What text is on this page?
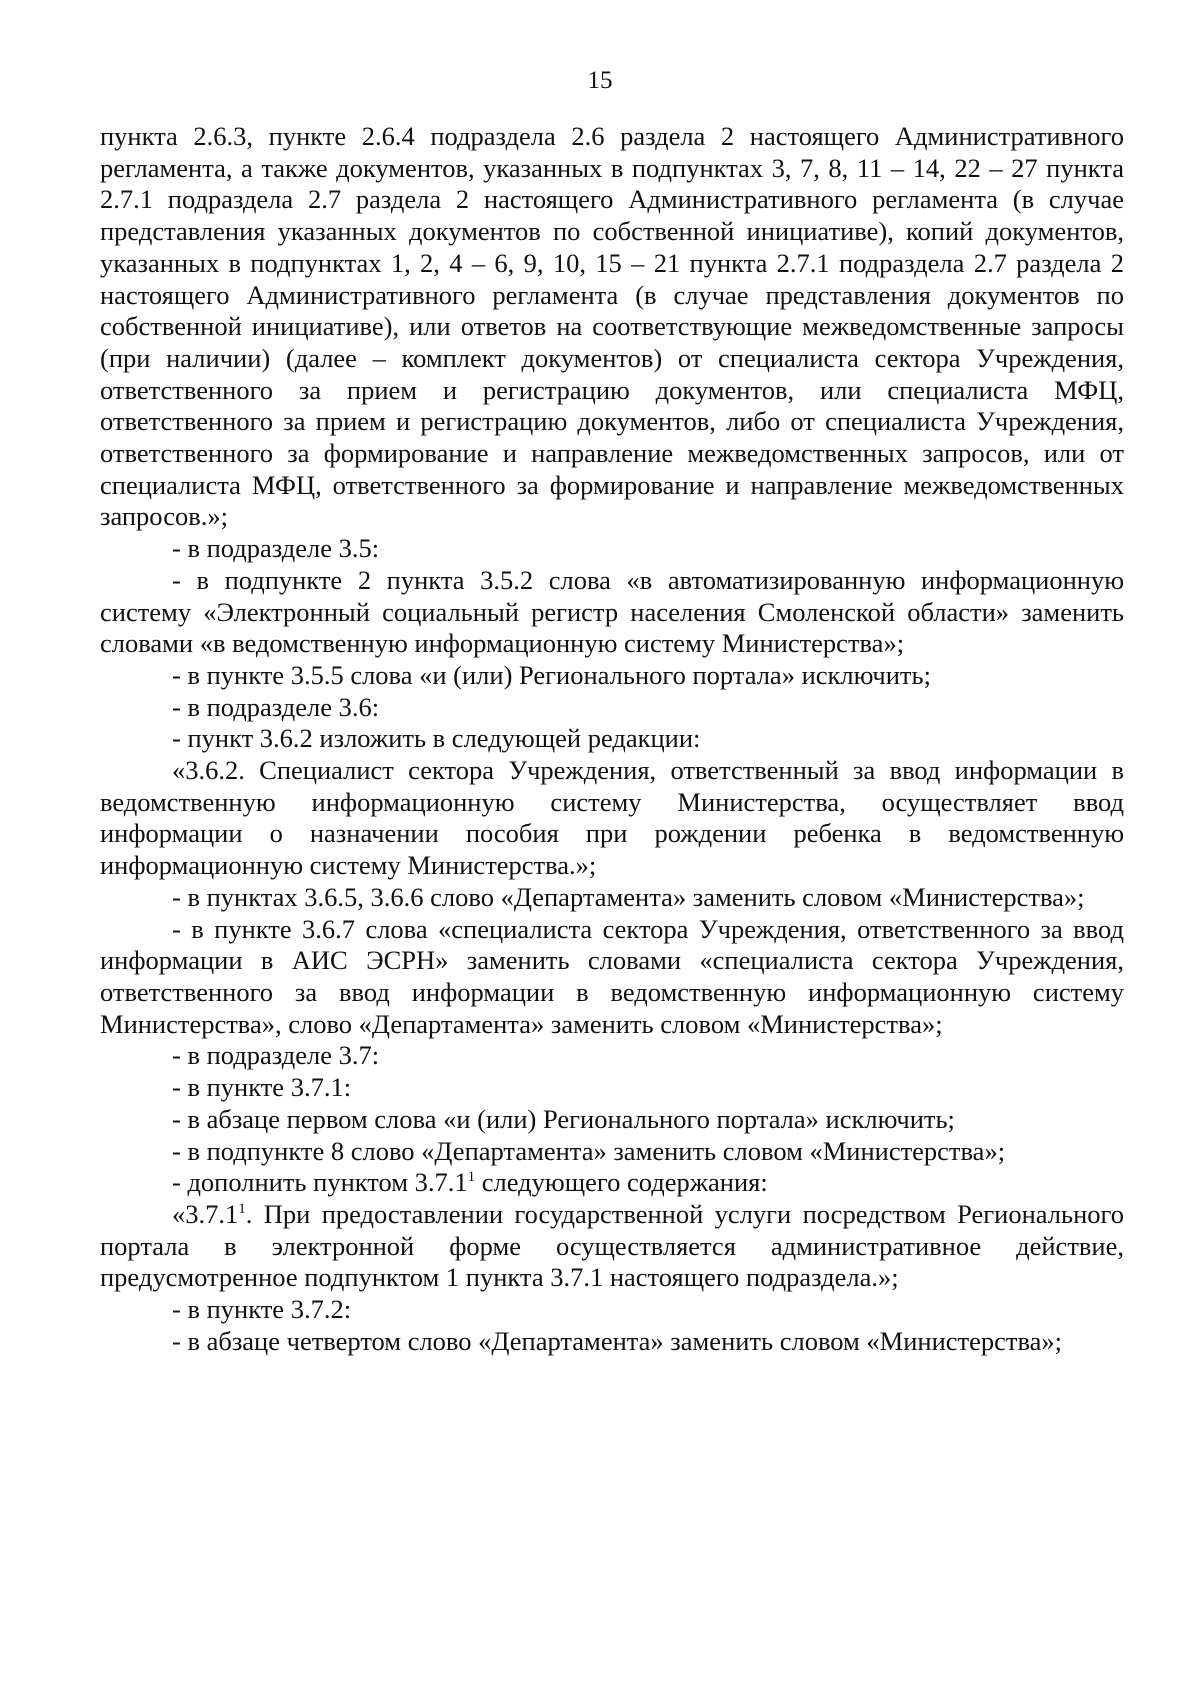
15

пункта 2.6.3, пункте 2.6.4 подраздела 2.6 раздела 2 настоящего Административного регламента, а также документов, указанных в подпунктах 3, 7, 8, 11 – 14, 22 – 27 пункта 2.7.1 подраздела 2.7 раздела 2 настоящего Административного регламента (в случае представления указанных документов по собственной инициативе), копий документов, указанных в подпунктах 1, 2, 4 – 6, 9, 10, 15 – 21 пункта 2.7.1 подраздела 2.7 раздела 2 настоящего Административного регламента (в случае представления документов по собственной инициативе), или ответов на соответствующие межведомственные запросы (при наличии) (далее – комплект документов) от специалиста сектора Учреждения, ответственного за прием и регистрацию документов, или специалиста МФЦ, ответственного за прием и регистрацию документов, либо от специалиста Учреждения, ответственного за формирование и направление межведомственных запросов, или от специалиста МФЦ, ответственного за формирование и направление межведомственных запросов.»;

- в подразделе 3.5:

- в подпункте 2 пункта 3.5.2 слова «в автоматизированную информационную систему «Электронный социальный регистр населения Смоленской области» заменить словами «в ведомственную информационную систему Министерства»;

- в пункте 3.5.5 слова «и (или) Регионального портала» исключить;

- в подразделе 3.6:

- пункт 3.6.2 изложить в следующей редакции:

«3.6.2. Специалист сектора Учреждения, ответственный за ввод информации в ведомственную информационную систему Министерства, осуществляет ввод информации о назначении пособия при рождении ребенка в ведомственную информационную систему Министерства.»;

- в пунктах 3.6.5, 3.6.6 слово «Департамента» заменить словом «Министерства»;

- в пункте 3.6.7 слова «специалиста сектора Учреждения, ответственного за ввод информации в АИС ЭСРН» заменить словами «специалиста сектора Учреждения, ответственного за ввод информации в ведомственную информационную систему Министерства», слово «Департамента» заменить словом «Министерства»;

- в подразделе 3.7:

- в пункте 3.7.1:

- в абзаце первом слова «и (или) Регионального портала» исключить;

- в подпункте 8 слово «Департамента» заменить словом «Министерства»;

- дополнить пунктом 3.7.1$^1$ следующего содержания:

«3.7.1$^1$. При предоставлении государственной услуги посредством Регионального портала в электронной форме осуществляется административное действие, предусмотренное подпунктом 1 пункта 3.7.1 настоящего подраздела.»;

- в пункте 3.7.2:

- в абзаце четвертом слово «Департамента» заменить словом «Министерства»;
